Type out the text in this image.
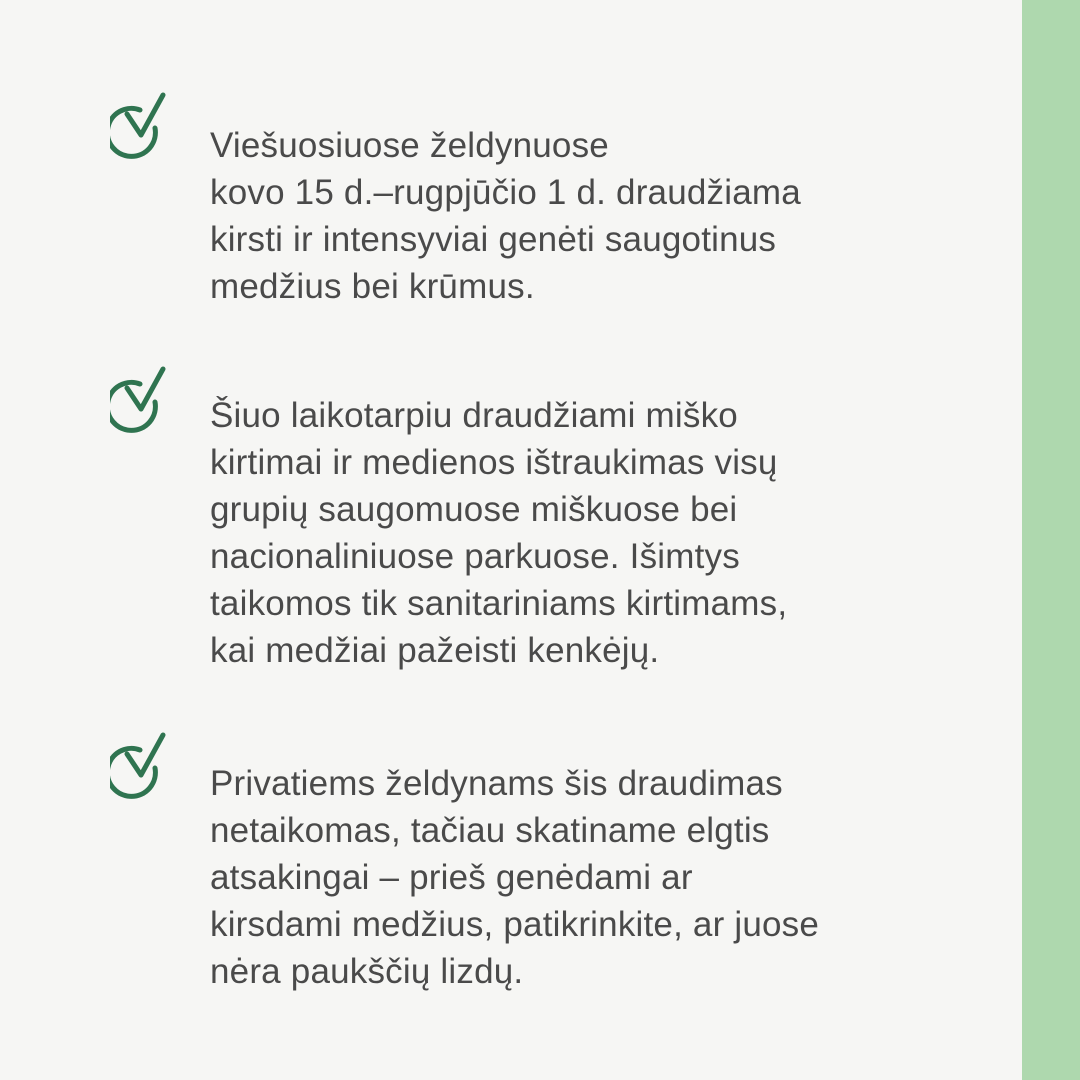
Viešuosiuose želdynuose
kovo 15 d.–rugpjūčio 1 d. draudžiama
kirsti ir intensyviai genėti saugotinus
medžius bei krūmus.

Šiuo laikotarpiu draudžiami miško
kirtimai ir medienos ištraukimas visų
grupių saugomuose miškuose bei
nacionaliniuose parkuose. Išimtys
taikomos tik sanitariniams kirtimams,
kai medžiai pažeisti kenkėjų.

Privatiems želdynams šis draudimas
netaikomas, tačiau skatiname elgtis
atsakingai – prieš genėdami ar
kirsdami medžius, patikrinkite, ar juose
nėra paukščių lizdų.
